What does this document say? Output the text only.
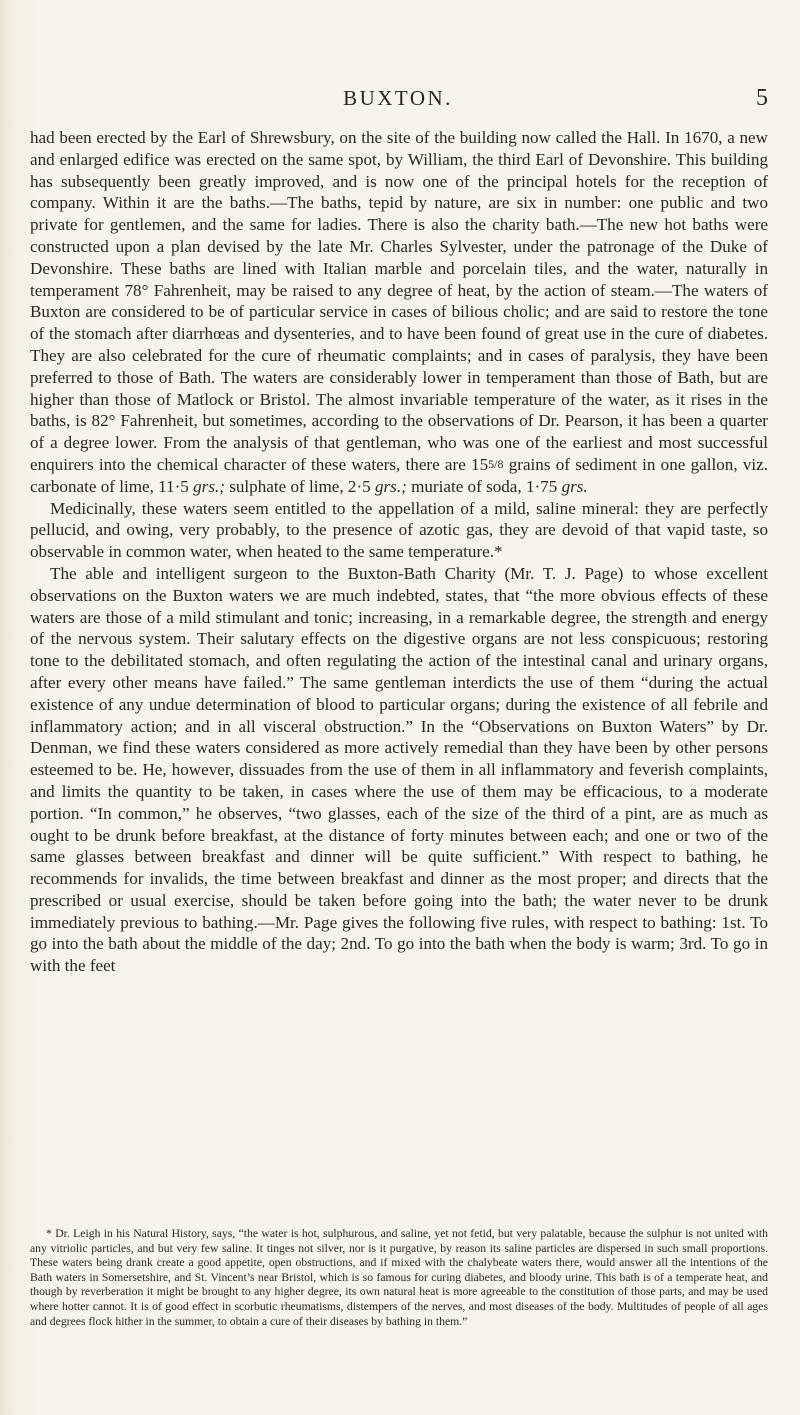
BUXTON.	5

had been erected by the Earl of Shrewsbury, on the site of the building now called the Hall. In 1670, a new and enlarged edifice was erected on the same spot, by William, the third Earl of Devonshire. This building has subsequently been greatly improved, and is now one of the principal hotels for the reception of company. Within it are the baths.—The baths, tepid by nature, are six in number: one public and two private for gentlemen, and the same for ladies. There is also the charity bath.—The new hot baths were constructed upon a plan devised by the late Mr. Charles Sylvester, under the patronage of the Duke of Devonshire. These baths are lined with Italian marble and porcelain tiles, and the water, naturally in temperament 78° Fahrenheit, may be raised to any degree of heat, by the action of steam.—The waters of Buxton are considered to be of particular service in cases of bilious cholic; and are said to restore the tone of the stomach after diarrhœas and dysenteries, and to have been found of great use in the cure of diabetes. They are also celebrated for the cure of rheumatic complaints; and in cases of paralysis, they have been preferred to those of Bath. The waters are considerably lower in temperament than those of Bath, but are higher than those of Matlock or Bristol. The almost invariable temperature of the water, as it rises in the baths, is 82° Fahrenheit, but sometimes, according to the observations of Dr. Pearson, it has been a quarter of a degree lower. From the analysis of that gentleman, who was one of the earliest and most successful enquirers into the chemical character of these waters, there are 155/8 grains of sediment in one gallon, viz. carbonate of lime, 11·5 grs.; sulphate of lime, 2·5 grs.; muriate of soda, 1·75 grs.

Medicinally, these waters seem entitled to the appellation of a mild, saline mineral: they are perfectly pellucid, and owing, very probably, to the presence of azotic gas, they are devoid of that vapid taste, so observable in common water, when heated to the same temperature.*

The able and intelligent surgeon to the Buxton-Bath Charity (Mr. T. J. Page) to whose excellent observations on the Buxton waters we are much indebted, states, that “the more obvious effects of these waters are those of a mild stimulant and tonic; increasing, in a remarkable degree, the strength and energy of the nervous system. Their salutary effects on the digestive organs are not less conspicuous; restoring tone to the debilitated stomach, and often regulating the action of the intestinal canal and urinary organs, after every other means have failed.” The same gentleman interdicts the use of them “during the actual existence of any undue determination of blood to particular organs; during the existence of all febrile and inflammatory action; and in all visceral obstruction.” In the “Observations on Buxton Waters” by Dr. Denman, we find these waters considered as more actively remedial than they have been by other persons esteemed to be. He, however, dissuades from the use of them in all inflammatory and feverish complaints, and limits the quantity to be taken, in cases where the use of them may be efficacious, to a moderate portion. “In common,” he observes, “two glasses, each of the size of the third of a pint, are as much as ought to be drunk before breakfast, at the distance of forty minutes between each; and one or two of the same glasses between breakfast and dinner will be quite sufficient.” With respect to bathing, he recommends for invalids, the time between breakfast and dinner as the most proper; and directs that the prescribed or usual exercise, should be taken before going into the bath; the water never to be drunk immediately previous to bathing.—Mr. Page gives the following five rules, with respect to bathing: 1st. To go into the bath about the middle of the day; 2nd. To go into the bath when the body is warm; 3rd. To go in with the feet

* Dr. Leigh in his Natural History, says, “the water is hot, sulphurous, and saline, yet not fetid, but very palatable, because the sulphur is not united with any vitriolic particles, and but very few saline. It tinges not silver, nor is it purgative, by reason its saline particles are dispersed in such small proportions. These waters being drank create a good appetite, open obstructions, and if mixed with the chalybeate waters there, would answer all the intentions of the Bath waters in Somersetshire, and St. Vincent’s near Bristol, which is so famous for curing diabetes, and bloody urine. This bath is of a temperate heat, and though by reverberation it might be brought to any higher degree, its own natural heat is more agreeable to the constitution of those parts, and may be used where hotter cannot. It is of good effect in scorbutic rheumatisms, distempers of the nerves, and most diseases of the body. Multitudes of people of all ages and degrees flock hither in the summer, to obtain a cure of their diseases by bathing in them.”
